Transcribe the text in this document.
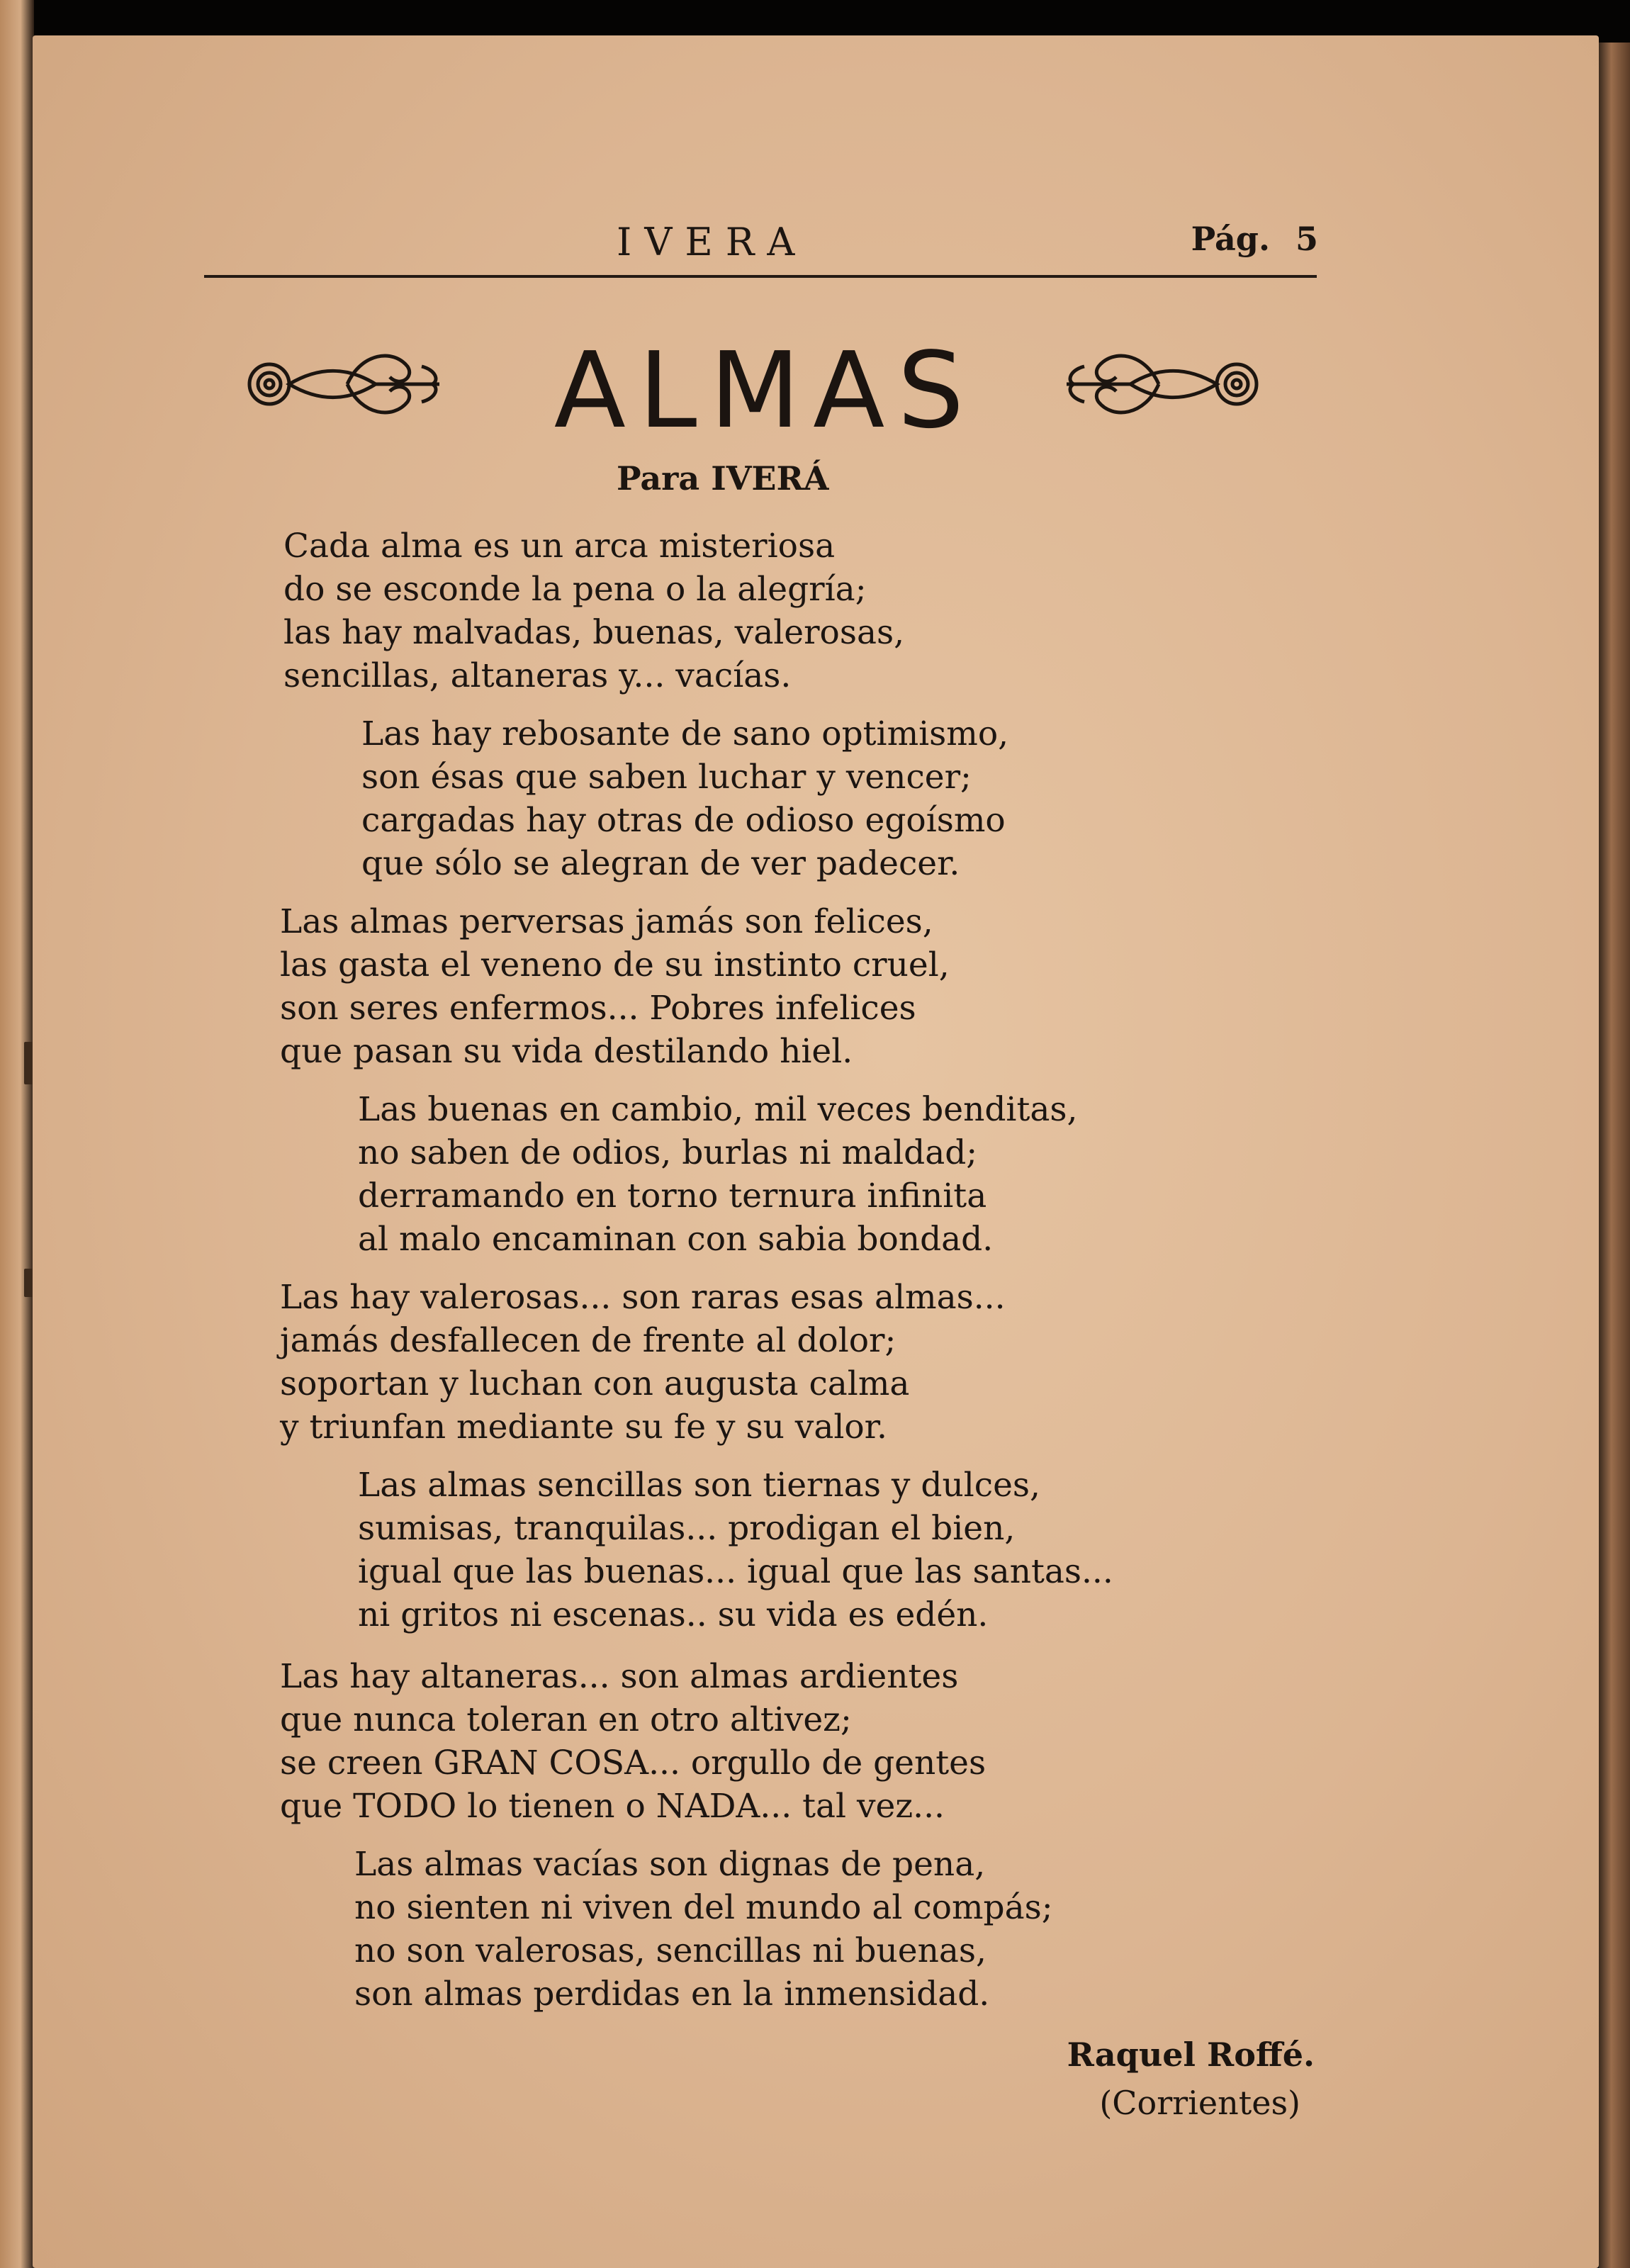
IVERA	Pág. 5
ALMAS
Para IVERÁ
Cada alma es un arca misteriosa
do se esconde la pena o la alegría;
las hay malvadas, buenas, valerosas,
sencillas, altaneras y... vacías.
Las hay rebosante de sano optimismo,
son ésas que saben luchar y vencer;
cargadas hay otras de odioso egoísmo
que sólo se alegran de ver padecer.
Las almas perversas jamás son felices,
las gasta el veneno de su instinto cruel,
son seres enfermos... Pobres infelices
que pasan su vida destilando hiel.
Las buenas en cambio, mil veces benditas,
no saben de odios, burlas ni maldad;
derramando en torno ternura infinita
al malo encaminan con sabia bondad.
Las hay valerosas... son raras esas almas...
jamás desfallecen de frente al dolor;
soportan y luchan con augusta calma
y triunfan mediante su fe y su valor.
Las almas sencillas son tiernas y dulces,
sumisas, tranquilas... prodigan el bien,
igual que las buenas... igual que las santas...
ni gritos ni escenas.. su vida es edén.
Las hay altaneras... son almas ardientes
que nunca toleran en otro altivez;
se creen GRAN COSA... orgullo de gentes
que TODO lo tienen o NADA... tal vez...
Las almas vacías son dignas de pena,
no sienten ni viven del mundo al compás;
no son valerosas, sencillas ni buenas,
son almas perdidas en la inmensidad.
Raquel Roffé.
(Corrientes)
